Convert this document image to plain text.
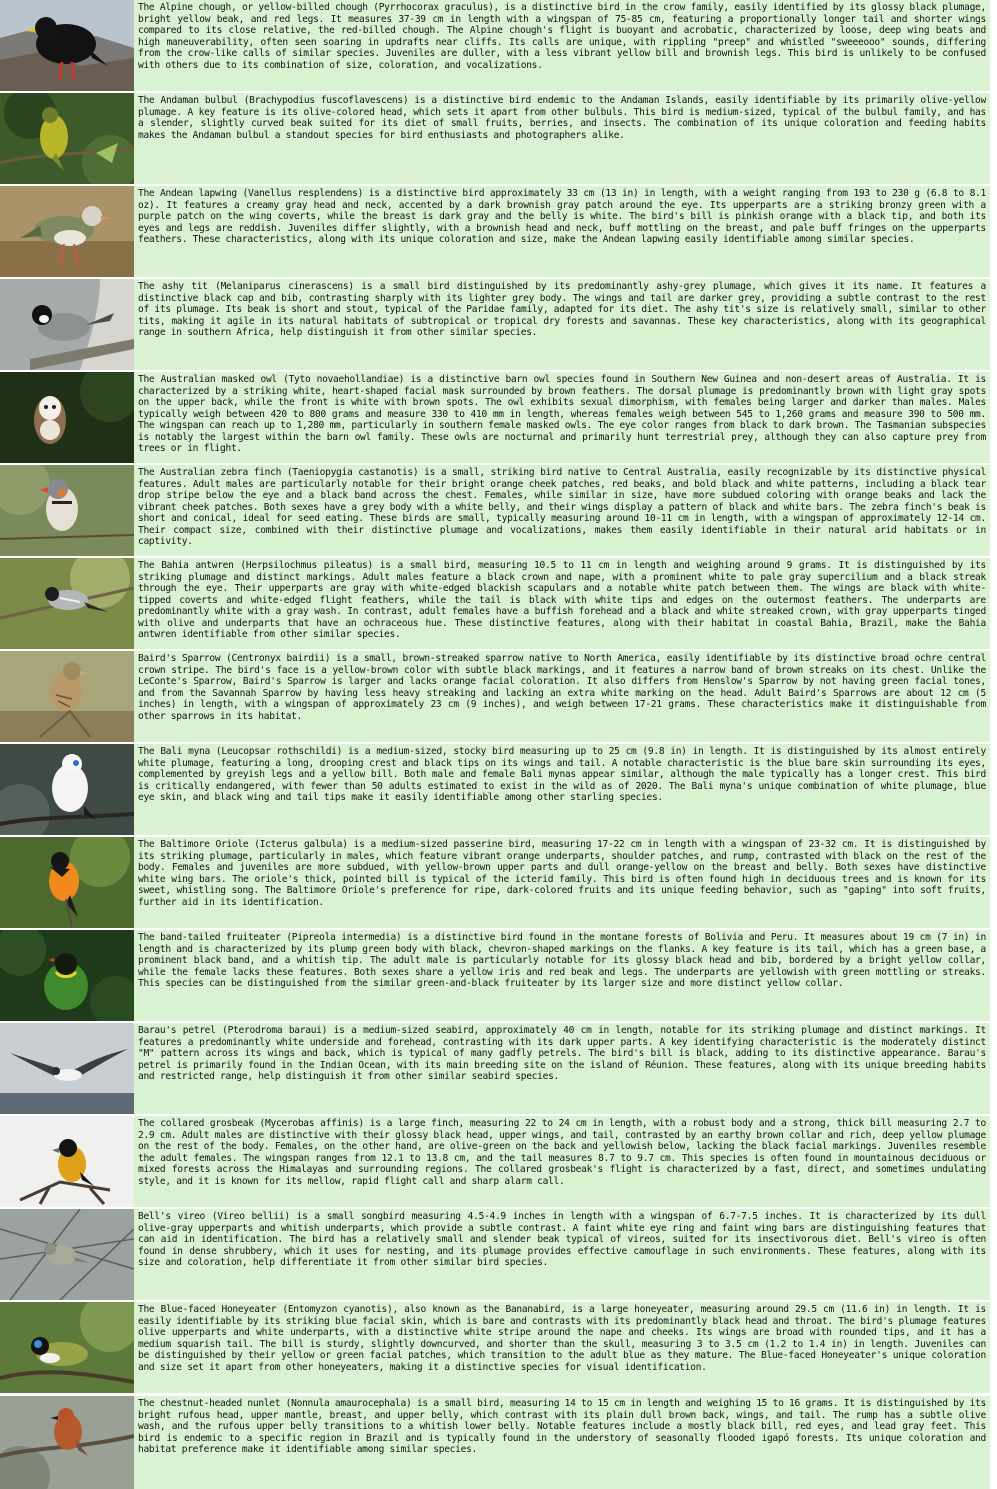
The Alpine chough, or yellow-billed chough (Pyrrhocorax graculus), is a distinctive bird in the crow family, easily identified by its glossy black plumage, bright yellow beak, and red legs. It measures 37-39 cm in length with a wingspan of 75-85 cm, featuring a proportionally longer tail and shorter wings compared to its close relative, the red-billed chough. The Alpine chough's flight is buoyant and acrobatic, characterized by loose, deep wing beats and high maneuverability, often seen soaring in updrafts near cliffs. Its calls are unique, with rippling "preep" and whistled "sweeeooo" sounds, differing from the crow-like calls of similar species. Juveniles are duller, with a less vibrant yellow bill and brownish legs. This bird is unlikely to be confused with others due to its combination of size, coloration, and vocalizations.

The Andaman bulbul (Brachypodius fuscoflavescens) is a distinctive bird endemic to the Andaman Islands, easily identifiable by its primarily olive-yellow plumage. A key feature is its olive-colored head, which sets it apart from other bulbuls. This bird is medium-sized, typical of the bulbul family, and has a slender, slightly curved beak suited for its diet of small fruits, berries, and insects. The combination of its unique coloration and feeding habits makes the Andaman bulbul a standout species for bird enthusiasts and photographers alike.

The Andean lapwing (Vanellus resplendens) is a distinctive bird approximately 33 cm (13 in) in length, with a weight ranging from 193 to 230 g (6.8 to 8.1 oz). It features a creamy gray head and neck, accented by a dark brownish gray patch around the eye. Its upperparts are a striking bronzy green with a purple patch on the wing coverts, while the breast is dark gray and the belly is white. The bird's bill is pinkish orange with a black tip, and both its eyes and legs are reddish. Juveniles differ slightly, with a brownish head and neck, buff mottling on the breast, and pale buff fringes on the upperparts feathers. These characteristics, along with its unique coloration and size, make the Andean lapwing easily identifiable among similar species.

The ashy tit (Melaniparus cinerascens) is a small bird distinguished by its predominantly ashy-grey plumage, which gives it its name. It features a distinctive black cap and bib, contrasting sharply with its lighter grey body. The wings and tail are darker grey, providing a subtle contrast to the rest of its plumage. Its beak is short and stout, typical of the Paridae family, adapted for its diet. The ashy tit's size is relatively small, similar to other tits, making it agile in its natural habitats of subtropical or tropical dry forests and savannas. These key characteristics, along with its geographical range in southern Africa, help distinguish it from other similar species.

The Australian masked owl (Tyto novaehollandiae) is a distinctive barn owl species found in Southern New Guinea and non-desert areas of Australia. It is characterized by a striking white, heart-shaped facial mask surrounded by brown feathers. The dorsal plumage is predominantly brown with light gray spots on the upper back, while the front is white with brown spots. The owl exhibits sexual dimorphism, with females being larger and darker than males. Males typically weigh between 420 to 800 grams and measure 330 to 410 mm in length, whereas females weigh between 545 to 1,260 grams and measure 390 to 500 mm. The wingspan can reach up to 1,280 mm, particularly in southern female masked owls. The eye color ranges from black to dark brown. The Tasmanian subspecies is notably the largest within the barn owl family. These owls are nocturnal and primarily hunt terrestrial prey, although they can also capture prey from trees or in flight.

The Australian zebra finch (Taeniopygia castanotis) is a small, striking bird native to Central Australia, easily recognizable by its distinctive physical features. Adult males are particularly notable for their bright orange cheek patches, red beaks, and bold black and white patterns, including a black tear drop stripe below the eye and a black band across the chest. Females, while similar in size, have more subdued coloring with orange beaks and lack the vibrant cheek patches. Both sexes have a grey body with a white belly, and their wings display a pattern of black and white bars. The zebra finch's beak is short and conical, ideal for seed eating. These birds are small, typically measuring around 10-11 cm in length, with a wingspan of approximately 12-14 cm. Their compact size, combined with their distinctive plumage and vocalizations, makes them easily identifiable in their natural arid habitats or in captivity.

The Bahia antwren (Herpsilochmus pileatus) is a small bird, measuring 10.5 to 11 cm in length and weighing around 9 grams. It is distinguished by its striking plumage and distinct markings. Adult males feature a black crown and nape, with a prominent white to pale gray supercilium and a black streak through the eye. Their upperparts are gray with white-edged blackish scapulars and a notable white patch between them. The wings are black with white-tipped coverts and white-edged flight feathers, while the tail is black with white tips and edges on the outermost feathers. The underparts are predominantly white with a gray wash. In contrast, adult females have a buffish forehead and a black and white streaked crown, with gray upperparts tinged with olive and underparts that have an ochraceous hue. These distinctive features, along with their habitat in coastal Bahia, Brazil, make the Bahia antwren identifiable from other similar species.

Baird's Sparrow (Centronyx bairdii) is a small, brown-streaked sparrow native to North America, easily identifiable by its distinctive broad ochre central crown stripe. The bird's face is a yellow-brown color with subtle black markings, and it features a narrow band of brown streaks on its chest. Unlike the LeConte's Sparrow, Baird's Sparrow is larger and lacks orange facial coloration. It also differs from Henslow's Sparrow by not having green facial tones, and from the Savannah Sparrow by having less heavy streaking and lacking an extra white marking on the head. Adult Baird's Sparrows are about 12 cm (5 inches) in length, with a wingspan of approximately 23 cm (9 inches), and weigh between 17-21 grams. These characteristics make it distinguishable from other sparrows in its habitat.

The Bali myna (Leucopsar rothschildi) is a medium-sized, stocky bird measuring up to 25 cm (9.8 in) in length. It is distinguished by its almost entirely white plumage, featuring a long, drooping crest and black tips on its wings and tail. A notable characteristic is the blue bare skin surrounding its eyes, complemented by greyish legs and a yellow bill. Both male and female Bali mynas appear similar, although the male typically has a longer crest. This bird is critically endangered, with fewer than 50 adults estimated to exist in the wild as of 2020. The Bali myna's unique combination of white plumage, blue eye skin, and black wing and tail tips make it easily identifiable among other starling species.

The Baltimore Oriole (Icterus galbula) is a medium-sized passerine bird, measuring 17-22 cm in length with a wingspan of 23-32 cm. It is distinguished by its striking plumage, particularly in males, which feature vibrant orange underparts, shoulder patches, and rump, contrasted with black on the rest of the body. Females and juveniles are more subdued, with yellow-brown upper parts and dull orange-yellow on the breast and belly. Both sexes have distinctive white wing bars. The oriole's thick, pointed bill is typical of the icterid family. This bird is often found high in deciduous trees and is known for its sweet, whistling song. The Baltimore Oriole's preference for ripe, dark-colored fruits and its unique feeding behavior, such as "gaping" into soft fruits, further aid in its identification.

The band-tailed fruiteater (Pipreola intermedia) is a distinctive bird found in the montane forests of Bolivia and Peru. It measures about 19 cm (7 in) in length and is characterized by its plump green body with black, chevron-shaped markings on the flanks. A key feature is its tail, which has a green base, a prominent black band, and a whitish tip. The adult male is particularly notable for its glossy black head and bib, bordered by a bright yellow collar, while the female lacks these features. Both sexes share a yellow iris and red beak and legs. The underparts are yellowish with green mottling or streaks. This species can be distinguished from the similar green-and-black fruiteater by its larger size and more distinct yellow collar.

Barau's petrel (Pterodroma baraui) is a medium-sized seabird, approximately 40 cm in length, notable for its striking plumage and distinct markings. It features a predominantly white underside and forehead, contrasting with its dark upper parts. A key identifying characteristic is the moderately distinct "M" pattern across its wings and back, which is typical of many gadfly petrels. The bird's bill is black, adding to its distinctive appearance. Barau's petrel is primarily found in the Indian Ocean, with its main breeding site on the island of Réunion. These features, along with its unique breeding habits and restricted range, help distinguish it from other similar seabird species.

The collared grosbeak (Mycerobas affinis) is a large finch, measuring 22 to 24 cm in length, with a robust body and a strong, thick bill measuring 2.7 to 2.9 cm. Adult males are distinctive with their glossy black head, upper wings, and tail, contrasted by an earthy brown collar and rich, deep yellow plumage on the rest of the body. Females, on the other hand, are olive-green on the back and yellowish below, lacking the black facial markings. Juveniles resemble the adult females. The wingspan ranges from 12.1 to 13.8 cm, and the tail measures 8.7 to 9.7 cm. This species is often found in mountainous deciduous or mixed forests across the Himalayas and surrounding regions. The collared grosbeak's flight is characterized by a fast, direct, and sometimes undulating style, and it is known for its mellow, rapid flight call and sharp alarm call.

Bell's vireo (Vireo bellii) is a small songbird measuring 4.5-4.9 inches in length with a wingspan of 6.7-7.5 inches. It is characterized by its dull olive-gray upperparts and whitish underparts, which provide a subtle contrast. A faint white eye ring and faint wing bars are distinguishing features that can aid in identification. The bird has a relatively small and slender beak typical of vireos, suited for its insectivorous diet. Bell's vireo is often found in dense shrubbery, which it uses for nesting, and its plumage provides effective camouflage in such environments. These features, along with its size and coloration, help differentiate it from other similar bird species.

The Blue-faced Honeyeater (Entomyzon cyanotis), also known as the Bananabird, is a large honeyeater, measuring around 29.5 cm (11.6 in) in length. It is easily identifiable by its striking blue facial skin, which is bare and contrasts with its predominantly black head and throat. The bird's plumage features olive upperparts and white underparts, with a distinctive white stripe around the nape and cheeks. Its wings are broad with rounded tips, and it has a medium squarish tail. The bill is sturdy, slightly downcurved, and shorter than the skull, measuring 3 to 3.5 cm (1.2 to 1.4 in) in length. Juveniles can be distinguished by their yellow or green facial patches, which transition to the adult blue as they mature. The Blue-faced Honeyeater's unique coloration and size set it apart from other honeyeaters, making it a distinctive species for visual identification.

The chestnut-headed nunlet (Nonnula amaurocephala) is a small bird, measuring 14 to 15 cm in length and weighing 15 to 16 grams. It is distinguished by its bright rufous head, upper mantle, breast, and upper belly, which contrast with its plain dull brown back, wings, and tail. The rump has a subtle olive wash, and the rufous upper belly transitions to a whitish lower belly. Notable features include a mostly black bill, red eyes, and lead gray feet. This bird is endemic to a specific region in Brazil and is typically found in the understory of seasonally flooded igapó forests. Its unique coloration and habitat preference make it identifiable among similar species.
